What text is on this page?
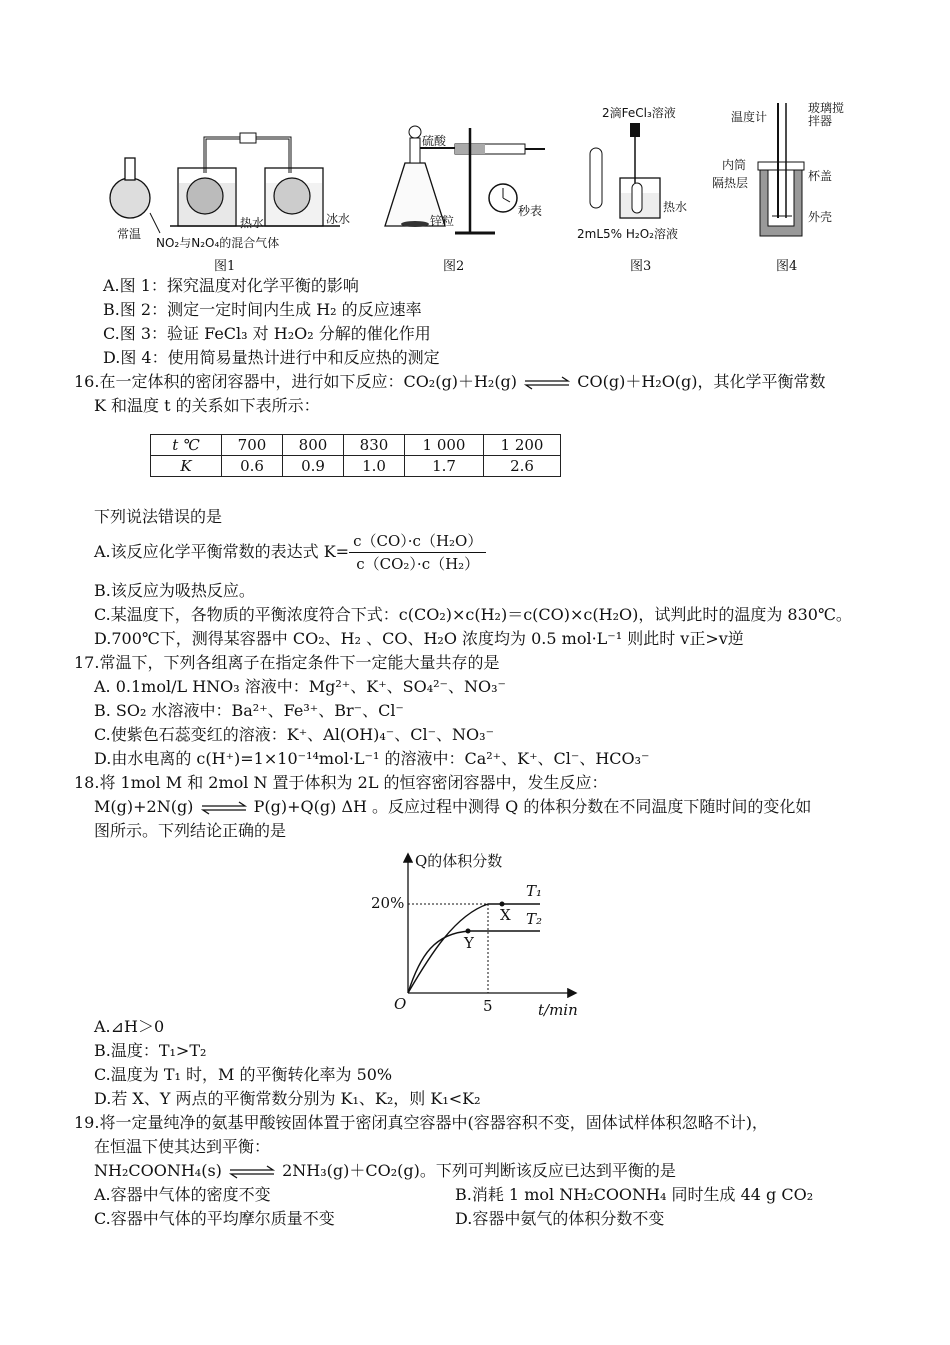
常温
热水	冰水
NO₂与N₂O₄的混合气体
图1
硫酸
锌粒
秒表
图2
2滴FeCl₃溶液
热水
2mL5% H₂O₂溶液
图3
温度计
玻璃搅拌器
内筒
隔热层	杯盖
外壳
图4
A.图 1：探究温度对化学平衡的影响
B.图 2：测定一定时间内生成 H₂ 的反应速率
C.图 3：验证 FeCl₃ 对 H₂O₂ 分解的催化作用
D.图 4：使用简易量热计进行中和反应热的测定
16.在一定体积的密闭容器中，进行如下反应：CO₂(g)＋H₂(g) ⇌ CO(g)＋H₂O(g)，其化学平衡常数
K 和温度 t 的关系如下表所示：
t ℃	700	800	830	1 000	1 200
K	0.6	0.9	1.0	1.7	2.6
下列说法错误的是
A.该反应化学平衡常数的表达式 $K= \frac{\text{c（CO）·c（H₂O）}}{\text{c（CO₂）·c（H₂）}}$
B.该反应为吸热反应。
C.某温度下，各物质的平衡浓度符合下式：c(CO₂)×c(H₂)＝c(CO)×c(H₂O)，试判此时的温度为 830℃。
D.700℃下，测得某容器中 CO₂、H₂ 、CO、H₂O 浓度均为 0.5 mol·L⁻¹ 则此时 v正>v逆
17.常温下，下列各组离子在指定条件下一定能大量共存的是
A. 0.1mol/L HNO₃ 溶液中：Mg²⁺、K⁺、SO₄²⁻、NO₃⁻
B. SO₂ 水溶液中：Ba²⁺、Fe³⁺、Br⁻、Cl⁻
C.使紫色石蕊变红的溶液：K⁺、Al(OH)₄⁻、Cl⁻、NO₃⁻
D.由水电离的 c(H⁺)=1×10⁻¹⁴mol·L⁻¹ 的溶液中：Ca²⁺、K⁺、Cl⁻、HCO₃⁻
18.将 1mol M 和 2mol N 置于体积为 2L 的恒容密闭容器中，发生反应：
M(g)+2N(g) ⇌ P(g)+Q(g) ΔH 。反应过程中测得 Q 的体积分数在不同温度下随时间的变化如
图所示。下列结论正确的是
Q的体积分数
t/min
O
20%
5
T₁
T₂
X
Y
A.⊿H＞0
B.温度：T₁>T₂
C.温度为 T₁ 时，M 的平衡转化率为 50%
D.若 X、Y 两点的平衡常数分别为 K₁、K₂，则 K₁<K₂
19.将一定量纯净的氨基甲酸铵固体置于密闭真空容器中(容器容积不变，固体试样体积忽略不计)，
在恒温下使其达到平衡：
NH₂COONH₄(s) ⇌ 2NH₃(g)＋CO₂(g)。下列可判断该反应已达到平衡的是
A.容器中气体的密度不变	B.消耗 1 mol NH₂COONH₄ 同时生成 44 g CO₂
C.容器中气体的平均摩尔质量不变	D.容器中氨气的体积分数不变
